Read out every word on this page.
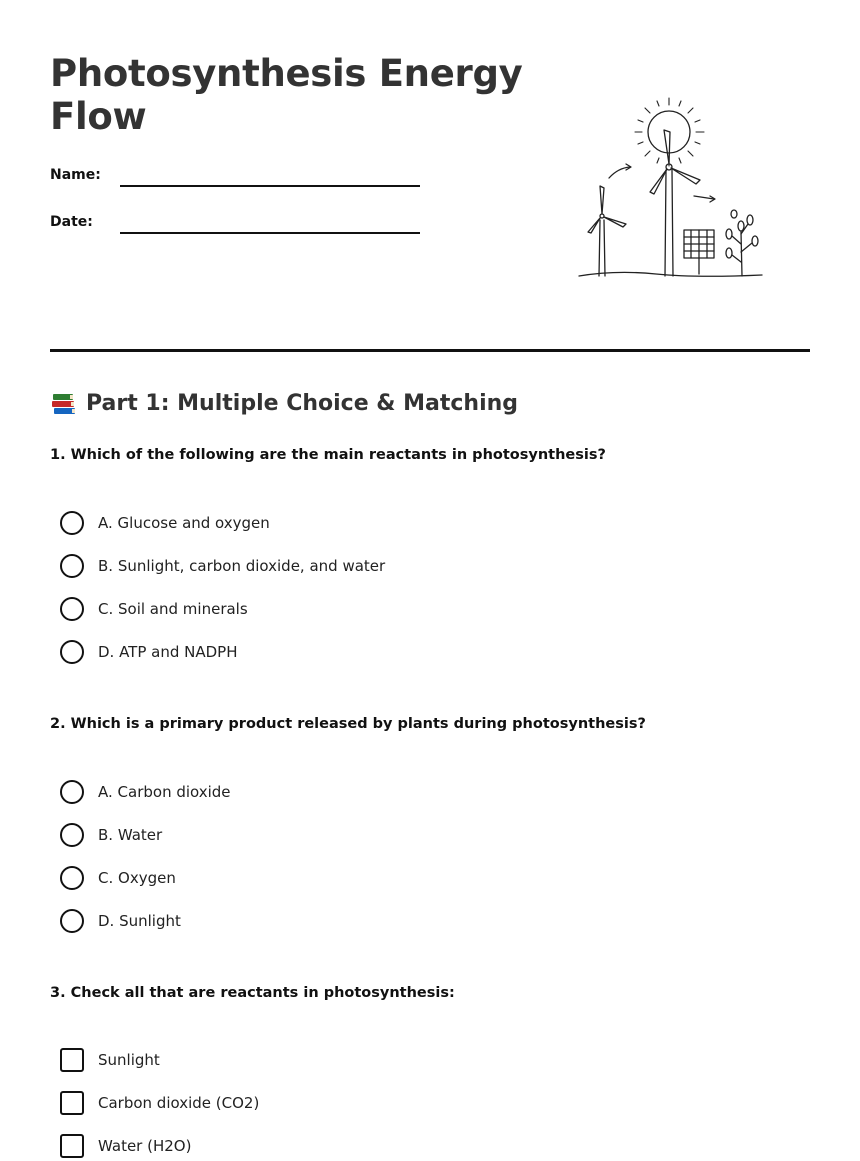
Photosynthesis Energy Flow
Name:
Date:
Part 1: Multiple Choice & Matching
1. Which of the following are the main reactants in photosynthesis?
A. Glucose and oxygen
B. Sunlight, carbon dioxide, and water
C. Soil and minerals
D. ATP and NADPH
2. Which is a primary product released by plants during photosynthesis?
A. Carbon dioxide
B. Water
C. Oxygen
D. Sunlight
3. Check all that are reactants in photosynthesis:
Sunlight
Carbon dioxide (CO2)
Water (H2O)
